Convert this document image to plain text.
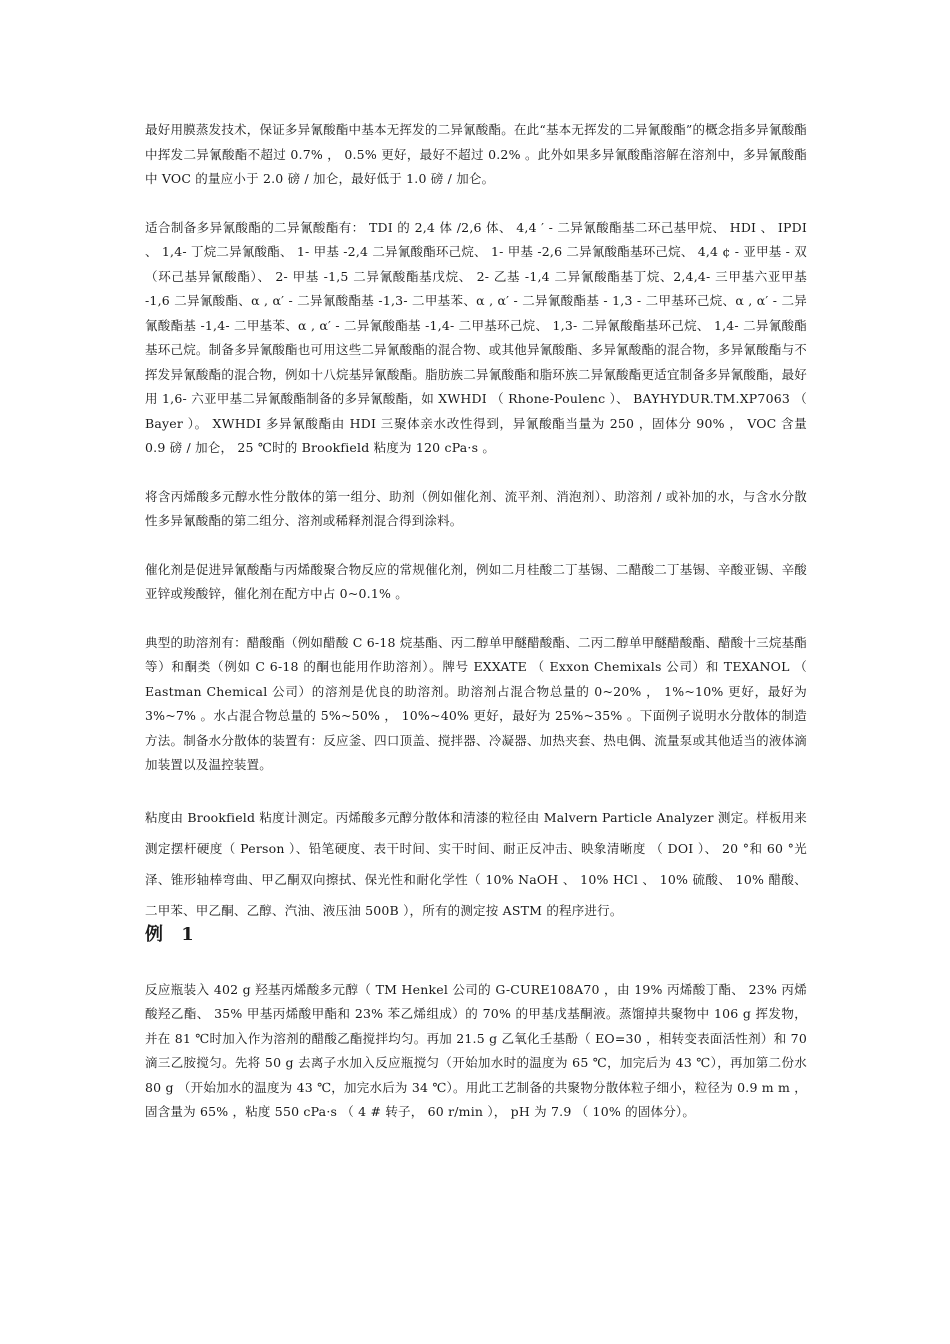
最好用膜蒸发技术，保证多异氰酸酯中基本无挥发的二异氰酸酯。在此“基本无挥发的二异氰酸酯”的概念指多异氰酸酯中挥发二异氰酸酯不超过 0.7% ， 0.5% 更好，最好不超过 0.2% 。此外如果多异氰酸酯溶解在溶剂中，多异氰酸酯中 VOC 的量应小于 2.0 磅 / 加仑，最好低于 1.0 磅 / 加仑。

适合制备多异氰酸酯的二异氰酸酯有： TDI 的 2,4 体 /2,6 体、 4,4 ′ - 二异氰酸酯基二环己基甲烷、 HDI 、 IPDI 、 1,4- 丁烷二异氰酸酯、 1- 甲基 -2,4 二异氰酸酯环己烷、 1- 甲基 -2,6 二异氰酸酯基环己烷、 4,4 ¢ - 亚甲基 - 双（环己基异氰酸酯）、 2- 甲基 -1,5 二异氰酸酯基戊烷、 2- 乙基 -1,4 二异氰酸酯基丁烷、2,4,4- 三甲基六亚甲基 -1,6 二异氰酸酯、α , α′ - 二异氰酸酯基 -1,3- 二甲基苯、α , α′ - 二异氰酸酯基 - 1,3 - 二甲基环己烷、α , α′ - 二异氰酸酯基 -1,4- 二甲基苯、α , α′ - 二异氰酸酯基 -1,4- 二甲基环己烷、 1,3- 二异氰酸酯基环己烷、 1,4- 二异氰酸酯基环己烷。制备多异氰酸酯也可用这些二异氰酸酯的混合物、或其他异氰酸酯、多异氰酸酯的混合物，多异氰酸酯与不挥发异氰酸酯的混合物，例如十八烷基异氰酸酯。脂肪族二异氰酸酯和脂环族二异氰酸酯更适宜制备多异氰酸酯，最好用 1,6- 六亚甲基二异氰酸酯制备的多异氰酸酯，如 XWHDI （ Rhone-Poulenc ）、 BAYHYDUR.TM.XP7063 （ Bayer ）。 XWHDI 多异氰酸酯由 HDI 三聚体亲水改性得到，异氰酸酯当量为 250 ，固体分 90% ， VOC 含量 0.9 磅 / 加仑， 25 ℃时的 Brookfield 粘度为 120 cPa·s 。

将含丙烯酸多元醇水性分散体的第一组分、助剂（例如催化剂、流平剂、消泡剂）、助溶剂 / 或补加的水，与含水分散性多异氰酸酯的第二组分、溶剂或稀释剂混合得到涂料。

催化剂是促进异氰酸酯与丙烯酸聚合物反应的常规催化剂，例如二月桂酸二丁基锡、二醋酸二丁基锡、辛酸亚锡、辛酸亚锌或羧酸锌，催化剂在配方中占 0~0.1% 。

典型的助溶剂有：醋酸酯（例如醋酸 C 6-18 烷基酯、丙二醇单甲醚醋酸酯、二丙二醇单甲醚醋酸酯、醋酸十三烷基酯等）和酮类（例如 C 6-18 的酮也能用作助溶剂）。牌号 EXXATE （ Exxon Chemixals 公司）和 TEXANOL （ Eastman Chemical 公司）的溶剂是优良的助溶剂。助溶剂占混合物总量的 0~20% ， 1%~10% 更好，最好为 3%~7% 。水占混合物总量的 5%~50% ， 10%~40% 更好，最好为 25%~35% 。下面例子说明水分散体的制造方法。制备水分散体的装置有：反应釜、四口顶盖、搅拌器、冷凝器、加热夹套、热电偶、流量泵或其他适当的液体滴加装置以及温控装置。

粘度由 Brookfield 粘度计测定。丙烯酸多元醇分散体和清漆的粒径由 Malvern Particle Analyzer 测定。样板用来测定摆杆硬度（ Person ）、铅笔硬度、表干时间、实干时间、耐正反冲击、映象清晰度 （ DOI ）、 20 °和 60 °光泽、锥形轴棒弯曲、甲乙酮双向擦拭、保光性和耐化学性（ 10% NaOH 、 10% HCl 、 10% 硫酸、 10% 醋酸、二甲苯、甲乙酮、乙醇、汽油、液压油 500B ），所有的测定按 ASTM 的程序进行。

例 1

反应瓶装入 402 g 羟基丙烯酸多元醇（ TM Henkel 公司的 G-CURE108A70 ，由 19% 丙烯酸丁酯、 23% 丙烯酸羟乙酯、 35% 甲基丙烯酸甲酯和 23% 苯乙烯组成）的 70% 的甲基戊基酮液。蒸馏掉共聚物中 106 g 挥发物，并在 81 ℃时加入作为溶剂的醋酸乙酯搅拌均匀。再加 21.5 g 乙氧化壬基酚（ EO=30 ，相转变表面活性剂）和 70 滴三乙胺搅匀。先将 50 g 去离子水加入反应瓶搅匀（开始加水时的温度为 65 ℃，加完后为 43 ℃），再加第二份水 80 g （开始加水的温度为 43 ℃，加完水后为 34 ℃）。用此工艺制备的共聚物分散体粒子细小，粒径为 0.9 m m ，固含量为 65% ，粘度 550 cPa·s （ 4 # 转子， 60 r/min ）， pH 为 7.9 （ 10% 的固体分）。
